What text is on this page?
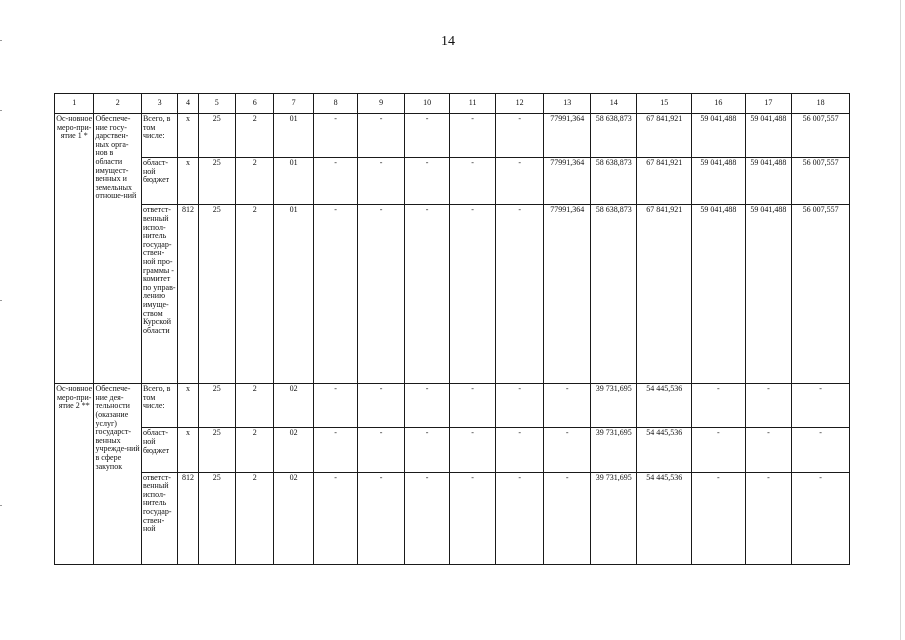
14
1	2	3	4	5	6	7	8	9	10	11	12	13	14	15	16	17	18
Ос-новное меро-при-ятие 1 *	Обеспече-ние госу-дарствен-ных орга-нов в области имущест-венных и земельных отноше-ний	Всего, в том числе:	x	25	2	01	-	-	-	-	-	77991,364	58 638,873	67 841,921	59 041,488	59 041,488	56 007,557
		област-ной бюджет	x	25	2	01	-	-	-	-	-	77991,364	58 638,873	67 841,921	59 041,488	59 041,488	56 007,557
		ответст-венный испол-нитель государ-ствен-ной про-граммы - комитет по управ-лению имуще-ством Курской области	812	25	2	01	-	-	-	-	-	77991,364	58 638,873	67 841,921	59 041,488	59 041,488	56 007,557
Ос-новное меро-при-ятие 2 **	Обеспече-ние дея-тельности (оказание услуг) государст-венных учрежде-ний в сфере закупок	Всего, в том числе:	x	25	2	02	-	-	-	-	-	-	39 731,695	54 445,536	-	-	-
		област-ной бюджет	x	25	2	02	-	-	-	-	-	-	39 731,695	54 445,536	-	-	-
		ответст-венный испол-нитель государ-ствен-ной	812	25	2	02	-	-	-	-	-	-	39 731,695	54 445,536	-	-	-
